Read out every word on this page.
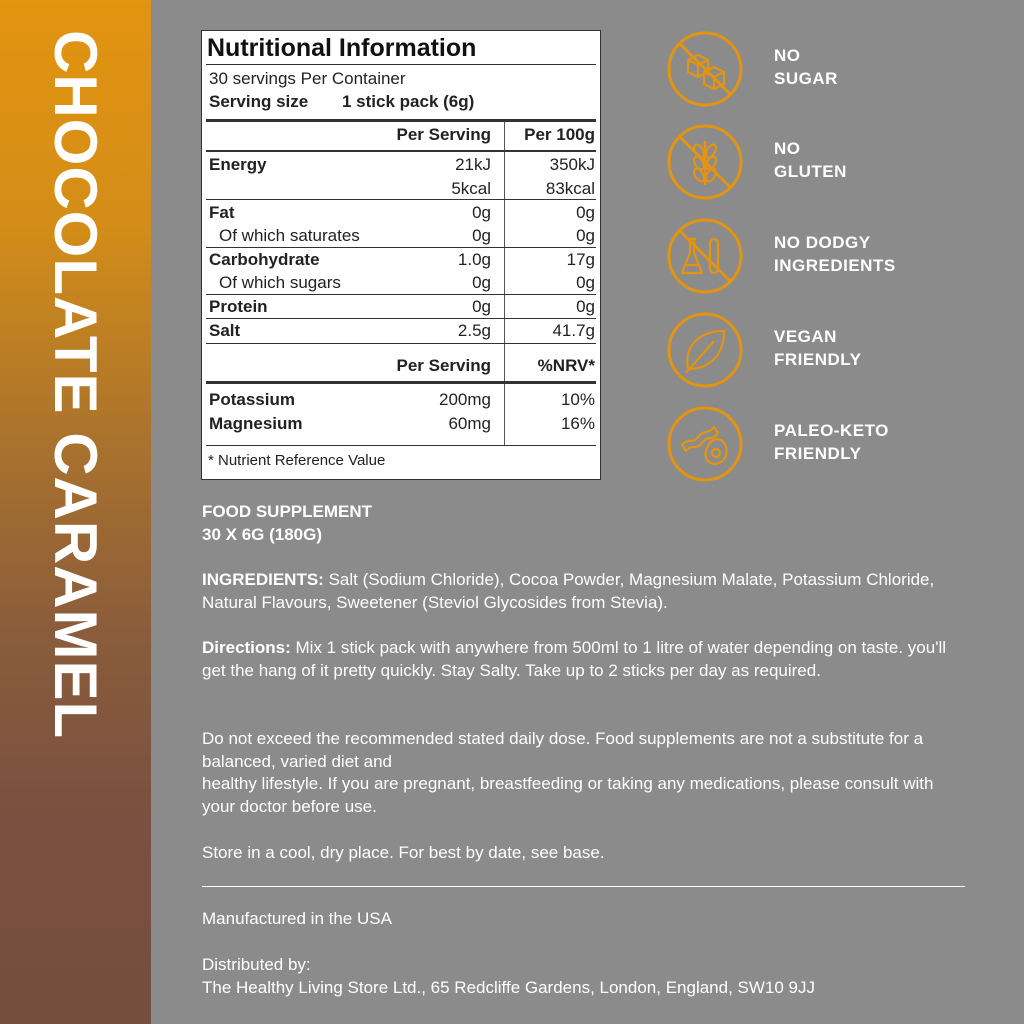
CHOCOLATE CARAMEL	Nutritional Information
30 servings Per Container
Serving size 1 stick pack (6g)
Per Serving Per 100g
Energy	21kJ	350kJ
5kcal	83kcal
Fat	0g	0g
Of which saturates	0g	0g
Carbohydrate	1.0g	17g
Of which sugars	0g	0g
Protein	0g	0g
Salt	2.5g	41.7g
Per Serving	%NRV*
Potassium	200mg	10%
Magnesium	60mg	16%
* Nutrient Reference Value
NO
SUGAR
NO
GLUTEN
NO DODGY
INGREDIENTS
VEGAN
FRIENDLY
PALEO-KETO
FRIENDLY
FOOD SUPPLEMENT
30 X 6G (180G)
INGREDIENTS: Salt (Sodium Chloride), Cocoa Powder, Magnesium Malate, Potassium Chloride, Natural Flavours, Sweetener (Steviol Glycosides from Stevia).
Directions: Mix 1 stick pack with anywhere from 500ml to 1 litre of water depending on taste. you'll get the hang of it pretty quickly. Stay Salty. Take up to 2 sticks per day as required.
Do not exceed the recommended stated daily dose. Food supplements are not a substitute for a balanced, varied diet and
healthy lifestyle. If you are pregnant, breastfeeding or taking any medications, please consult with your doctor before use.
Store in a cool, dry place. For best by date, see base.
Manufactured in the USA
Distributed by:
The Healthy Living Store Ltd., 65 Redcliffe Gardens, London, England, SW10 9JJ
